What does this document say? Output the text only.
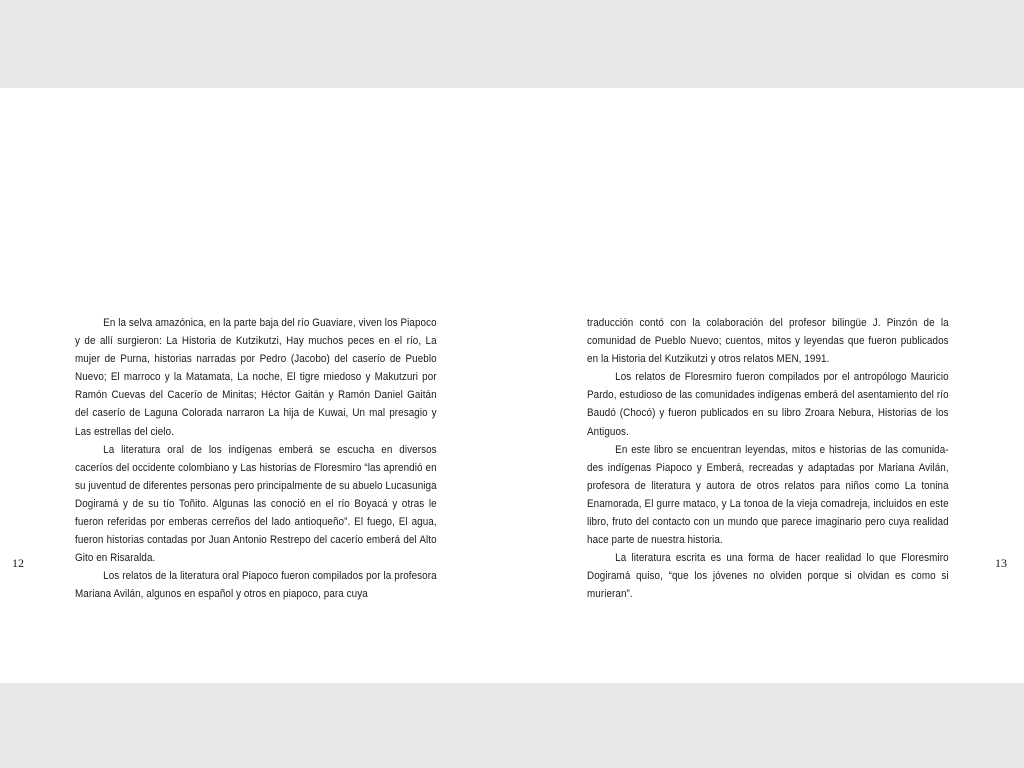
En la selva amazónica, en la parte baja del río Guaviare, viven los Piapoco y de allí surgieron: La Historia de Kutzikutzi, Hay muchos peces en el río, La mujer de Purna, historias narradas por Pedro (Jacobo) del caserío de Pueblo Nuevo; El marroco y la Matamata, La noche, El tigre miedoso y Makutzuri por Ramón Cuevas del Cacerío de Minitas; Héctor Gaitán y Ramón Daniel Gaitán del caserío de Laguna Colorada narraron La hija de Kuwai, Un mal presagio y Las estrellas del cielo.

La literatura oral de los indígenas emberá se escucha en diversos caceríos del occidente colombiano y Las historias de Floresmiro “las aprendió en su juventud de diferentes personas pero principalmente de su abuelo Lucasuniga Dogiramá y de su tío Toñito. Algunas las conoció en el río Boyacá y otras le fueron referidas por emberas cerreños del lado antioqueño”. El fuego, El agua, fueron historias contadas por Juan Antonio Restrepo del cacerío emberá del Alto Gito en Risaralda.

Los relatos de la literatura oral Piapoco fueron compilados por la profesora Mariana Avilán, algunos en español y otros en piapoco, para cuya

traducción contó con la colaboración del profesor bilingüe J. Pinzón de la comunidad de Pueblo Nuevo; cuentos, mitos y leyendas que fueron publicados en la Historia del Kutzikutzi y otros relatos MEN, 1991.

Los relatos de Floresmiro fueron compilados por el antropólogo Mauricio Pardo, estudioso de las comunidades indígenas emberá del asentamiento del río Baudó (Chocó) y fueron publicados en su libro Zroara Nebura, Historias de los Antiguos.

En este libro se encuentran leyendas, mitos e historias de las comunida-des indígenas Piapoco y Emberá, recreadas y adaptadas por Mariana Avilán, profesora de literatura y autora de otros relatos para niños como La tonina Enamorada, El gurre mataco, y La tonoa de la vieja comadreja, incluidos en este libro, fruto del contacto con un mundo que parece imaginario pero cuya realidad hace parte de nuestra historia.

La literatura escrita es una forma de hacer realidad lo que Floresmiro Dogiramá quiso, “que los jóvenes no olviden porque si olvidan es como si murieran”.

12	13
